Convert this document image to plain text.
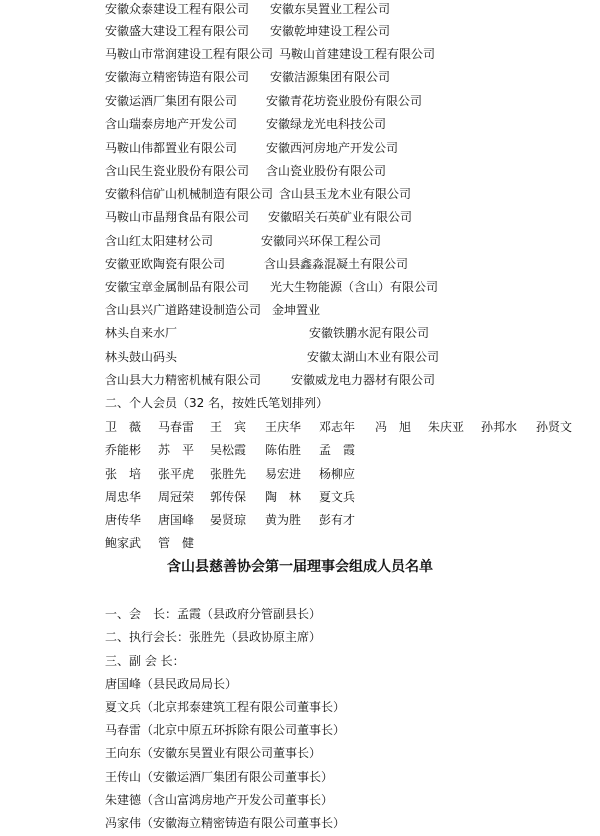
安徽众泰建设工程有限公司 安徽东昊置业工程公司
安徽盛大建设工程有限公司 安徽乾坤建设工程公司
马鞍山市常润建设工程有限公司 马鞍山首建建设工程有限公司
安徽海立精密铸造有限公司 安徽洁源集团有限公司
安徽运酒厂集团有限公司 安徽青花坊瓷业股份有限公司
含山瑞泰房地产开发公司 安徽绿龙光电科技公司
马鞍山伟都置业有限公司 安徽西河房地产开发公司
含山民生瓷业股份有限公司 含山瓷业股份有限公司
安徽科信矿山机械制造有限公司 含山县玉龙木业有限公司
马鞍山市晶翔食品有限公司 安徽昭关石英矿业有限公司
含山红太阳建材公司	安徽同兴环保工程公司
安徽亚欧陶瓷有限公司	含山县鑫淼混凝土有限公司
安徽宝章金属制品有限公司 光大生物能源（含山）有限公司
含山县兴广道路建设制造公司 金坤置业
林头自来水厂	安徽铁鹏水泥有限公司
林头鼓山码头	安徽太湖山木业有限公司
含山县大力精密机械有限公司 安徽威龙电力器材有限公司
二、个人会员（32 名，按姓氏笔划排列）
卫　薇 马春雷 王　宾 王庆华 邓志年 冯　旭 朱庆亚 孙邦水 孙贤文
乔能彬 苏　平 吴松霞 陈佑胜 孟　霞
张　培 张平虎 张胜先 易宏进 杨柳应
周忠华 周冠荣 郭传保 陶　林 夏文兵
唐传华 唐国峰 晏贤琼 黄为胜 彭有才
鲍家武 管　健
含山县慈善协会第一届理事会组成人员名单
一、会　长：孟霞（县政府分管副县长）
二、执行会长：张胜先（县政协原主席）
三、副 会 长：
唐国峰（县民政局局长）
夏文兵（北京邦泰建筑工程有限公司董事长）
马春雷（北京中原五环拆除有限公司董事长）
王向东（安徽东昊置业有限公司董事长）
王传山（安徽运酒厂集团有限公司董事长）
朱建德（含山富鸿房地产开发公司董事长）
冯家伟（安徽海立精密铸造有限公司董事长）
